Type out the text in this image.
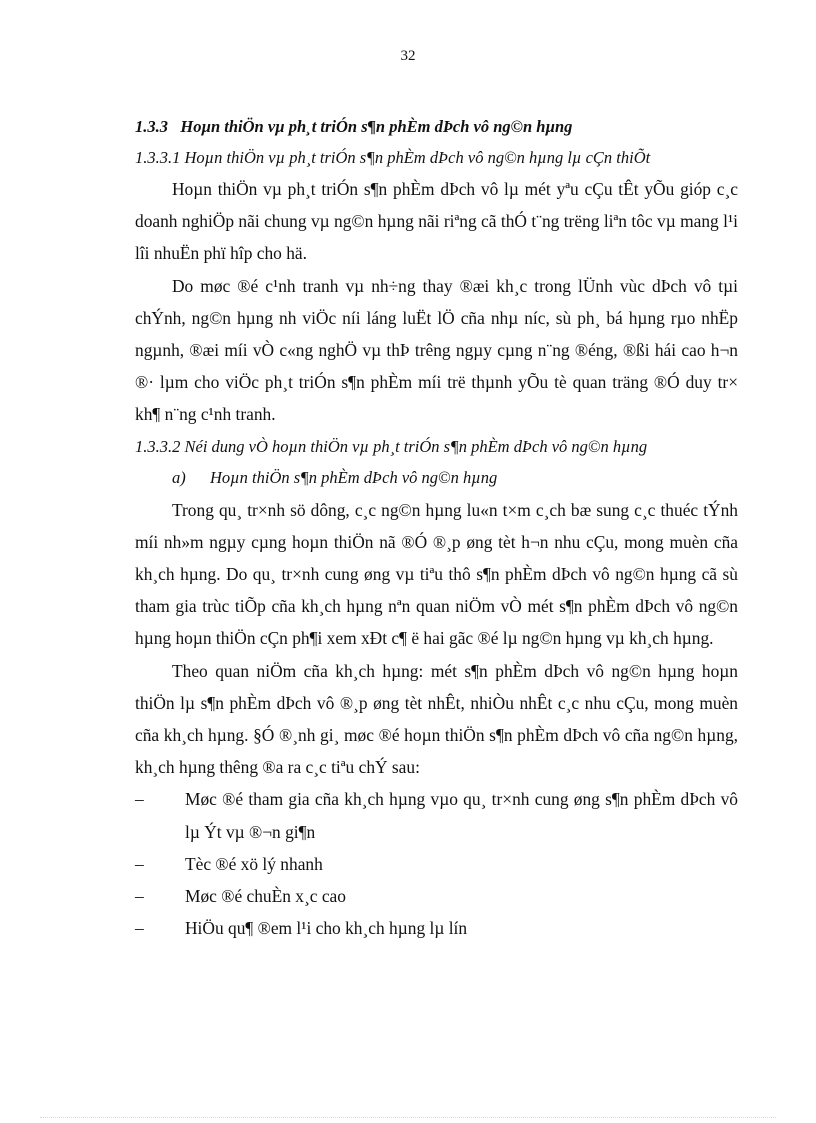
32
1.3.3 Hoµn thiÖn vµ ph¸t triÓn s¶n phÈm dÞch vô ng©n hµng
1.3.3.1 Hoµn thiÖn vµ ph¸t triÓn s¶n phÈm dÞch vô ng©n hµng lµ cÇn thiÕt

Hoµn thiÖn vµ ph¸t triÓn s¶n phÈm dÞch vô lµ mét yªu cÇu tÊt yÕu gióp c¸c doanh nghiÖp nãi chung vµ ng©n hµng nãi riªng cã thÓ t¨ng trëng liªn tôc vµ mang l¹i lîi nhuËn phï hîp cho hä.

Do møc ®é c¹nh tranh vµ nh÷ng thay ®æi kh¸c trong lÜnh vùc dÞch vô tµi chÝnh, ng©n hµng nh viÖc níi láng luËt lÖ cña nhµ níc, sù ph¸ bá hµng rµo nhËp ngµnh, ®æi míi vÒ c«ng nghÖ vµ thÞ trêng ngµy cµng n¨ng ®éng, ®ßi hái cao h¬n ®· lµm cho viÖc ph¸t triÓn s¶n phÈm míi trë thµnh yÕu tè quan träng ®Ó duy tr× kh¶ n¨ng c¹nh tranh.

1.3.3.2 Néi dung vÒ hoµn thiÖn vµ ph¸t triÓn s¶n phÈm dÞch vô ng©n hµng
a) Hoµn thiÖn s¶n phÈm dÞch vô ng©n hµng

Trong qu¸ tr×nh sö dông, c¸c ng©n hµng lu«n t×m c¸ch bæ sung c¸c thuéc tÝnh míi nh»m ngµy cµng hoµn thiÖn nã ®Ó ®¸p øng tèt h¬n nhu cÇu, mong muèn cña kh¸ch hµng. Do qu¸ tr×nh cung øng vµ tiªu thô s¶n phÈm dÞch vô ng©n hµng cã sù tham gia trùc tiÕp cña kh¸ch hµng nªn quan niÖm vÒ mét s¶n phÈm dÞch vô ng©n hµng hoµn thiÖn cÇn ph¶i xem xÐt c¶ ë hai gãc ®é lµ ng©n hµng vµ kh¸ch hµng.

Theo quan niÖm cña kh¸ch hµng: mét s¶n phÈm dÞch vô ng©n hµng hoµn thiÖn lµ s¶n phÈm dÞch vô ®¸p øng tèt nhÊt, nhiÒu nhÊt c¸c nhu cÇu, mong muèn cña kh¸ch hµng. §Ó ®¸nh gi¸ møc ®é hoµn thiÖn s¶n phÈm dÞch vô cña ng©n hµng, kh¸ch hµng thêng ®a ra c¸c tiªu chÝ sau:

– Møc ®é tham gia cña kh¸ch hµng vµo qu¸ tr×nh cung øng s¶n phÈm dÞch vô lµ Ýt vµ ®¬n gi¶n

– Tèc ®é xö lý nhanh

– Møc ®é chuÈn x¸c cao

– HiÖu qu¶ ®em l¹i cho kh¸ch hµng lµ lín
